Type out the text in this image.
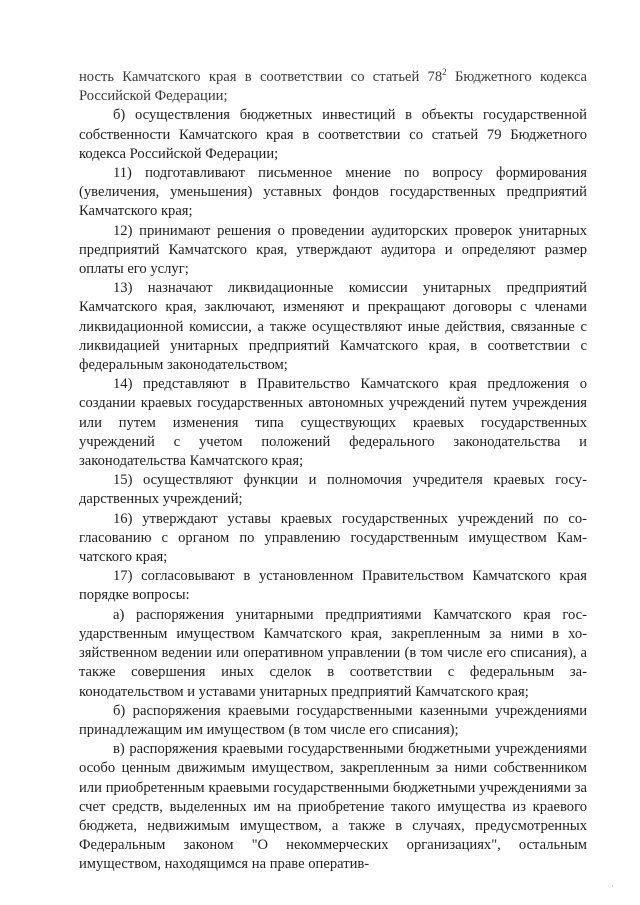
ность Камчатского края в соответствии со статьей $78^2$ Бюджетного кодекса Российской Федерации;

б) осуществления бюджетных инвестиций в объекты государственной собственности Камчатского края в соответствии со статьей 79 Бюджетного кодекса Российской Федерации;

11) подготавливают письменное мнение по вопросу формирования (увеличения, уменьшения) уставных фондов государственных предприятий Камчатского края;

12) принимают решения о проведении аудиторских проверок унитарных предприятий Камчатского края, утверждают аудитора и определяют размер оплаты его услуг;

13) назначают ликвидационные комиссии унитарных предприятий Камчатского края, заключают, изменяют и прекращают договоры с членами ликвидационной комиссии, а также осуществляют иные действия, связанные с ликвидацией унитарных предприятий Камчатского края, в соответствии с федеральным законодательством;

14) представляют в Правительство Камчатского края предложения о создании краевых государственных автономных учреждений путем учреждения или путем изменения типа существующих краевых государственных учреждений с учетом положений федерального законодательства и законодательства Камчатского края;

15) осуществляют функции и полномочия учредителя краевых государственных учреждений;

16) утверждают уставы краевых государственных учреждений по согласованию с органом по управлению государственным имуществом Камчатского края;

17) согласовывают в установленном Правительством Камчатского края порядке вопросы:

а) распоряжения унитарными предприятиями Камчатского края государственным имуществом Камчатского края, закрепленным за ними в хозяйственном ведении или оперативном управлении (в том числе его списания), а также совершения иных сделок в соответствии с федеральным законодательством и уставами унитарных предприятий Камчатского края;

б) распоряжения краевыми государственными казенными учреждениями принадлежащим им имуществом (в том числе его списания);

в) распоряжения краевыми государственными бюджетными учреждениями особо ценным движимым имуществом, закрепленным за ними собственником или приобретенным краевыми государственными бюджетными учреждениями за счет средств, выделенных им на приобретение такого имущества из краевого бюджета, недвижимым имуществом, а также в случаях, предусмотренных Федеральным законом "О некоммерческих организациях", остальным имуществом, находящимся на праве оператив-

·
